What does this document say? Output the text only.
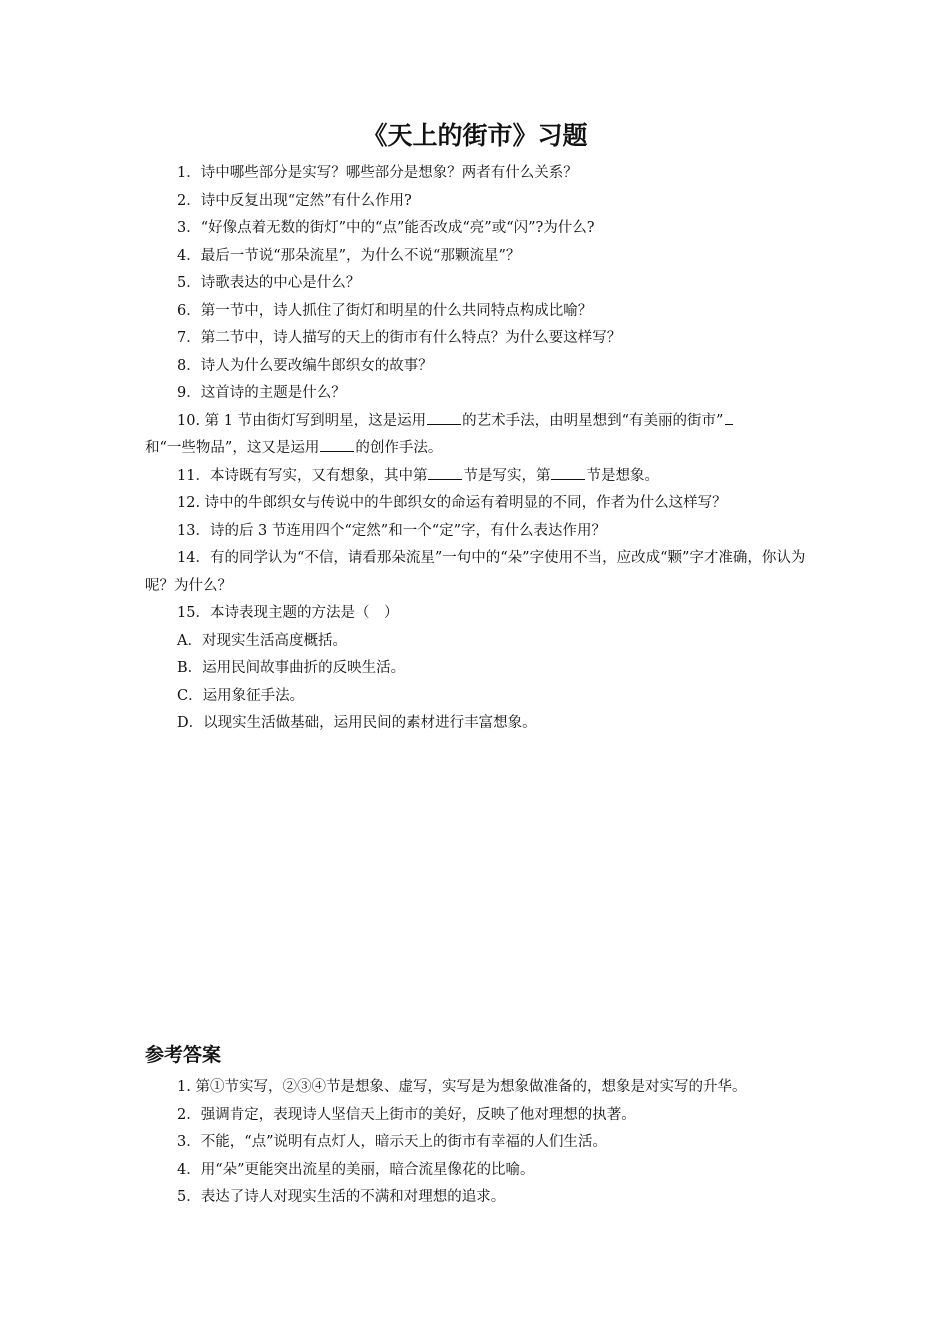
《天上的街市》习题
1．诗中哪些部分是实写？哪些部分是想象？两者有什么关系？
2．诗中反复出现“定然”有什么作用?
3．“好像点着无数的街灯”中的“点”能否改成“亮”或“闪”?为什么?
4．最后一节说“那朵流星”，为什么不说“那颗流星”？
5．诗歌表达的中心是什么？
6．第一节中，诗人抓住了街灯和明星的什么共同特点构成比喻？
7．第二节中，诗人描写的天上的街市有什么特点？为什么要这样写？
8．诗人为什么要改编牛郎织女的故事？
9．这首诗的主题是什么？
10. 第 1 节由街灯写到明星，这是运用 的艺术手法，由明星想到“有美丽的街市”
和“一些物品”，这又是运用 的创作手法。
11．本诗既有写实，又有想象，其中第 节是写实，第 节是想象。
12. 诗中的牛郎织女与传说中的牛郎织女的命运有着明显的不同，作者为什么这样写？
13．诗的后 3 节连用四个“定然”和一个“定”字，有什么表达作用？
14．有的同学认为“不信，请看那朵流星”一句中的“朵”字使用不当，应改成“颗”字才准确，你认为呢？为什么？
15．本诗表现主题的方法是（　）
A．对现实生活高度概括。
B．运用民间故事曲折的反映生活。
C．运用象征手法。
D．以现实生活做基础，运用民间的素材进行丰富想象。
参考答案
1. 第①节实写，②③④节是想象、虚写，实写是为想象做准备的，想象是对实写的升华。
2．强调肯定，表现诗人坚信天上街市的美好，反映了他对理想的执著。
3．不能，“点”说明有点灯人，暗示天上的街市有幸福的人们生活。
4．用“朵”更能突出流星的美丽，暗合流星像花的比喻。
5．表达了诗人对现实生活的不满和对理想的追求。
